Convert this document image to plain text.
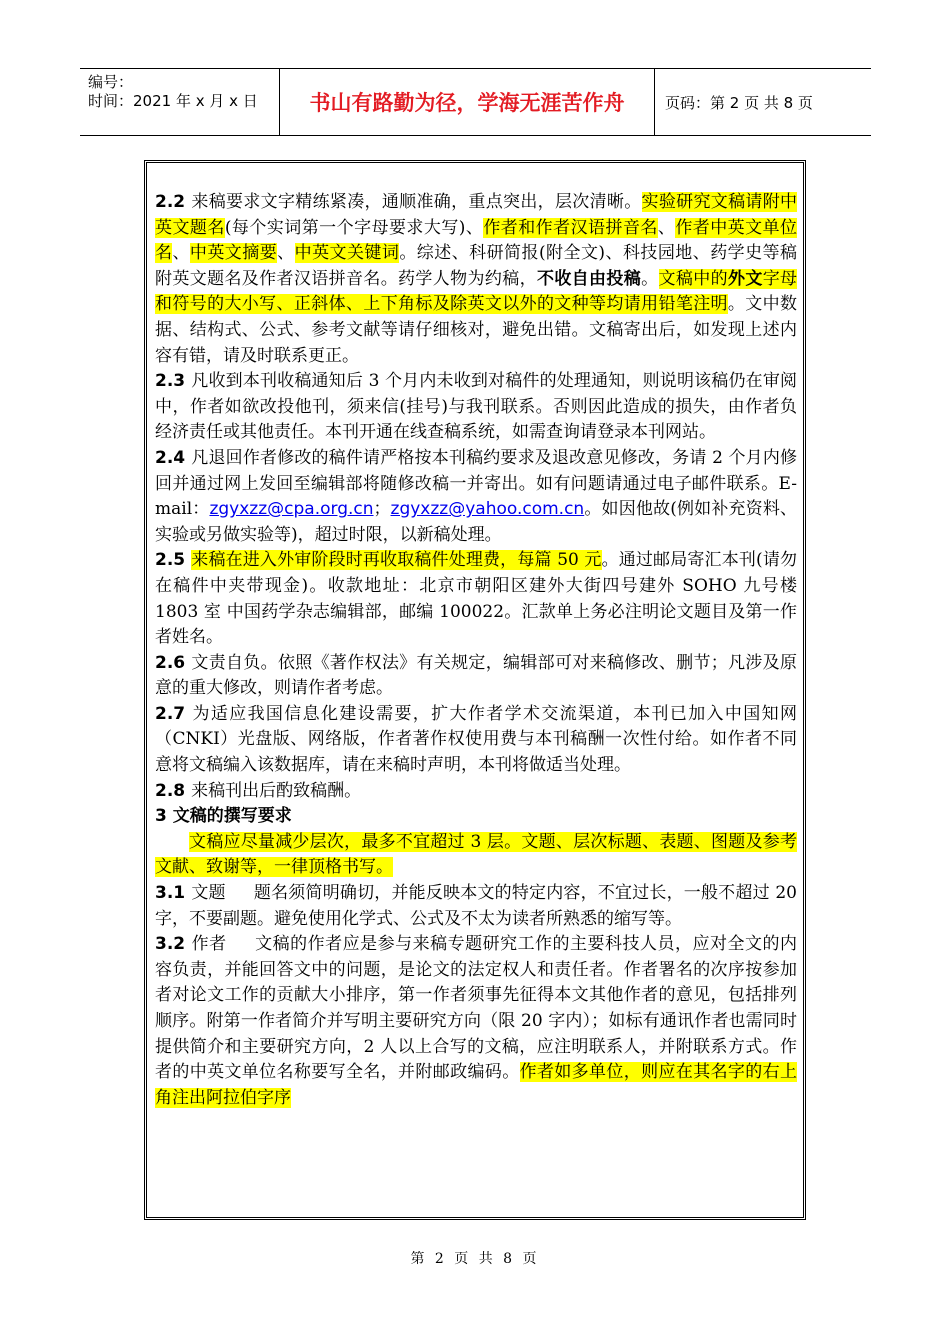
编号：
时间：2021 年 x 月 x 日	书山有路勤为径，学海无涯苦作舟	页码：第 2 页 共 8 页

2.2 来稿要求文字精练紧凑，通顺准确，重点突出，层次清晰。实验研究文稿请附中英文题名(每个实词第一个字母要求大写)、作者和作者汉语拼音名、作者中英文单位名、中英文摘要、中英文关键词。综述、科研简报(附全文)、科技园地、药学史等稿附英文题名及作者汉语拼音名。药学人物为约稿，不收自由投稿。文稿中的外文字母和符号的大小写、正斜体、上下角标及除英文以外的文种等均请用铅笔注明。文中数据、结构式、公式、参考文献等请仔细核对，避免出错。文稿寄出后，如发现上述内容有错，请及时联系更正。

2.3 凡收到本刊收稿通知后 3 个月内未收到对稿件的处理通知，则说明该稿仍在审阅中，作者如欲改投他刊，须来信(挂号)与我刊联系。否则因此造成的损失，由作者负经济责任或其他责任。本刊开通在线查稿系统，如需查询请登录本刊网站。

2.4 凡退回作者修改的稿件请严格按本刊稿约要求及退改意见修改，务请 2 个月内修回并通过网上发回至编辑部将随修改稿一并寄出。如有问题请通过电子邮件联系。E-mail：zgyxzz@cpa.org.cn；zgyxzz@yahoo.com.cn。如因他故(例如补充资料、实验或另做实验等)，超过时限，以新稿处理。

2.5 来稿在进入外审阶段时再收取稿件处理费，每篇 50 元。通过邮局寄汇本刊(请勿在稿件中夹带现金)。收款地址：北京市朝阳区建外大街四号建外 SOHO 九号楼 1803 室 中国药学杂志编辑部，邮编 100022。汇款单上务必注明论文题目及第一作者姓名。

2.6 文责自负。依照《著作权法》有关规定，编辑部可对来稿修改、删节；凡涉及原意的重大修改，则请作者考虑。

2.7 为适应我国信息化建设需要，扩大作者学术交流渠道，本刊已加入中国知网（CNKI）光盘版、网络版，作者著作权使用费与本刊稿酬一次性付给。如作者不同意将文稿编入该数据库，请在来稿时声明，本刊将做适当处理。

2.8 来稿刊出后酌致稿酬。

3 文稿的撰写要求

文稿应尽量减少层次，最多不宜超过 3 层。文题、层次标题、表题、图题及参考文献、致谢等，一律顶格书写。

3.1 文题 题名须简明确切，并能反映本文的特定内容，不宜过长，一般不超过 20 字，不要副题。避免使用化学式、公式及不太为读者所熟悉的缩写等。

3.2 作者 文稿的作者应是参与来稿专题研究工作的主要科技人员，应对全文的内容负责，并能回答文中的问题，是论文的法定权人和责任者。作者署名的次序按参加者对论文工作的贡献大小排序，第一作者须事先征得本文其他作者的意见，包括排列顺序。附第一作者简介并写明主要研究方向（限 20 字内）；如标有通讯作者也需同时提供简介和主要研究方向，2 人以上合写的文稿，应注明联系人，并附联系方式。作者的中英文单位名称要写全名，并附邮政编码。作者如多单位，则应在其名字的右上角注出阿拉伯字序

第 2 页 共 8 页
